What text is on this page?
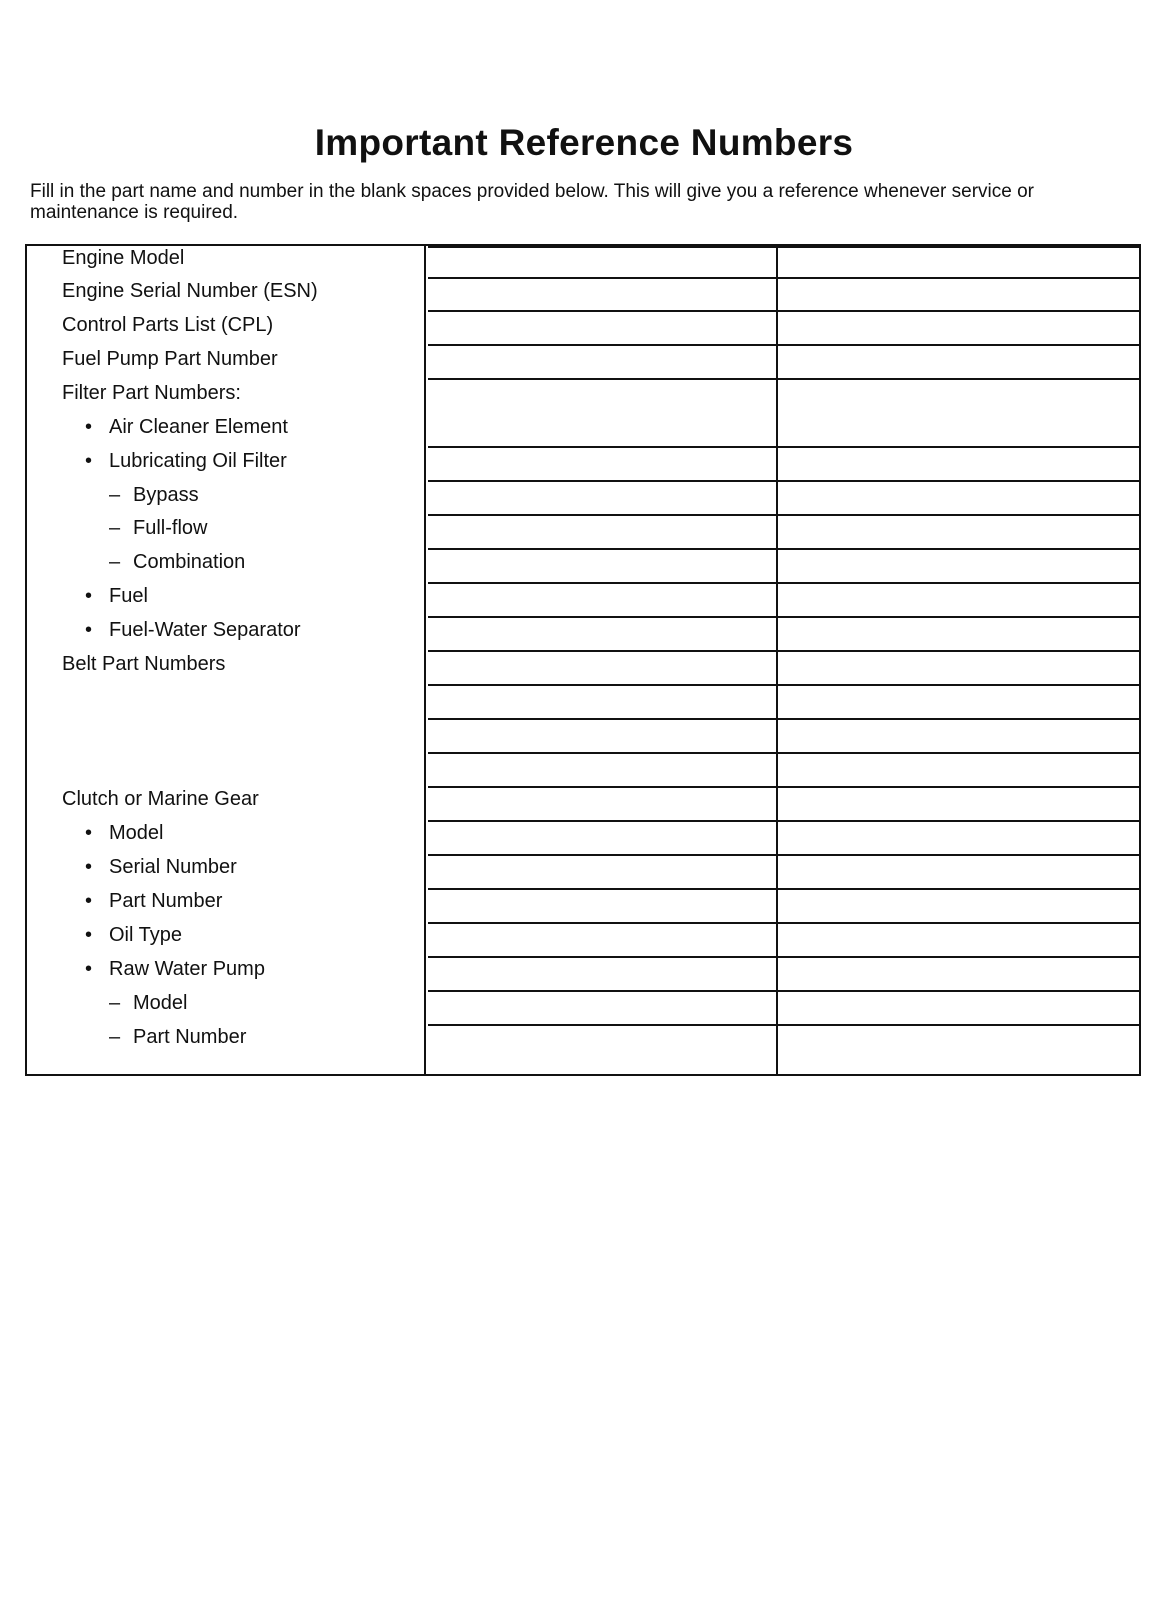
Important Reference Numbers
Fill in the part name and number in the blank spaces provided below. This will give you a reference whenever service or maintenance is required.
Engine Model
Engine Serial Number (ESN)
Control Parts List (CPL)
Fuel Pump Part Number
Filter Part Numbers:
• Air Cleaner Element
• Lubricating Oil Filter
– Bypass
– Full-flow
– Combination
• Fuel
• Fuel-Water Separator
Belt Part Numbers
Clutch or Marine Gear
• Model
• Serial Number
• Part Number
• Oil Type
• Raw Water Pump
– Model
– Part Number
